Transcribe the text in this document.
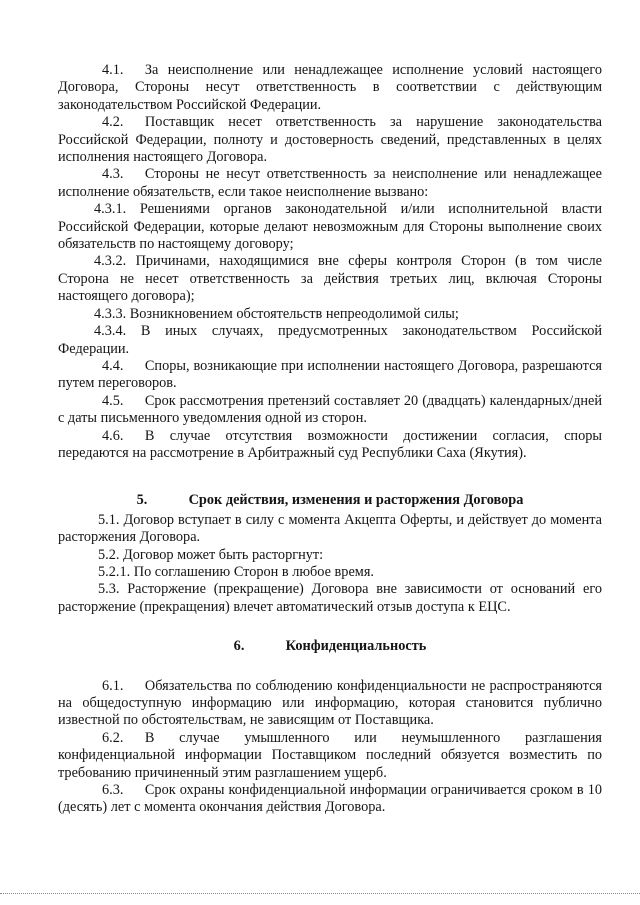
4.1.  За неисполнение или ненадлежащее исполнение условий настоящего Договора, Стороны несут ответственность в соответствии с действующим законодательством Российской Федерации.

4.2.  Поставщик несет ответственность за нарушение законодательства Российской Федерации, полноту и достоверность сведений, представленных в целях исполнения настоящего Договора.

4.3.  Стороны не несут ответственность за неисполнение или ненадлежащее исполнение обязательств, если такое неисполнение вызвано:

4.3.1. Решениями органов законодательной и/или исполнительной власти Российской Федерации, которые делают невозможным для Стороны выполнение своих обязательств по настоящему договору;

4.3.2. Причинами, находящимися вне сферы контроля Сторон (в том числе Сторона не несет ответственность за действия третьих лиц, включая Стороны настоящего договора);

4.3.3. Возникновением обстоятельств непреодолимой силы;

4.3.4. В иных случаях, предусмотренных законодательством Российской Федерации.

4.4.  Споры, возникающие при исполнении настоящего Договора, разрешаются путем переговоров.

4.5.  Срок рассмотрения претензий составляет 20 (двадцать) календарных/дней с даты письменного уведомления одной из сторон.

4.6.  В случае отсутствия возможности достижении согласия, споры передаются на рассмотрение в Арбитражный суд Республики Саха (Якутия).

5.	Срок действия, изменения и расторжения Договора

5.1. Договор вступает в силу с момента Акцепта Оферты, и действует до момента расторжения Договора.

5.2. Договор может быть расторгнут:

5.2.1. По соглашению Сторон в любое время.

5.3. Расторжение (прекращение) Договора вне зависимости от оснований его расторжение (прекращения) влечет автоматический отзыв доступа к ЕЦС.

6.	Конфиденциальность

6.1.  Обязательства по соблюдению конфиденциальности не распространяются на общедоступную информацию или информацию, которая становится публично известной по обстоятельствам, не зависящим от Поставщика.

6.2.  В случае умышленного или неумышленного разглашения конфиденциальной информации Поставщиком последний обязуется возместить по требованию причиненный этим разглашением ущерб.

6.3.  Срок охраны конфиденциальной информации ограничивается сроком в 10 (десять) лет с момента окончания действия Договора.
